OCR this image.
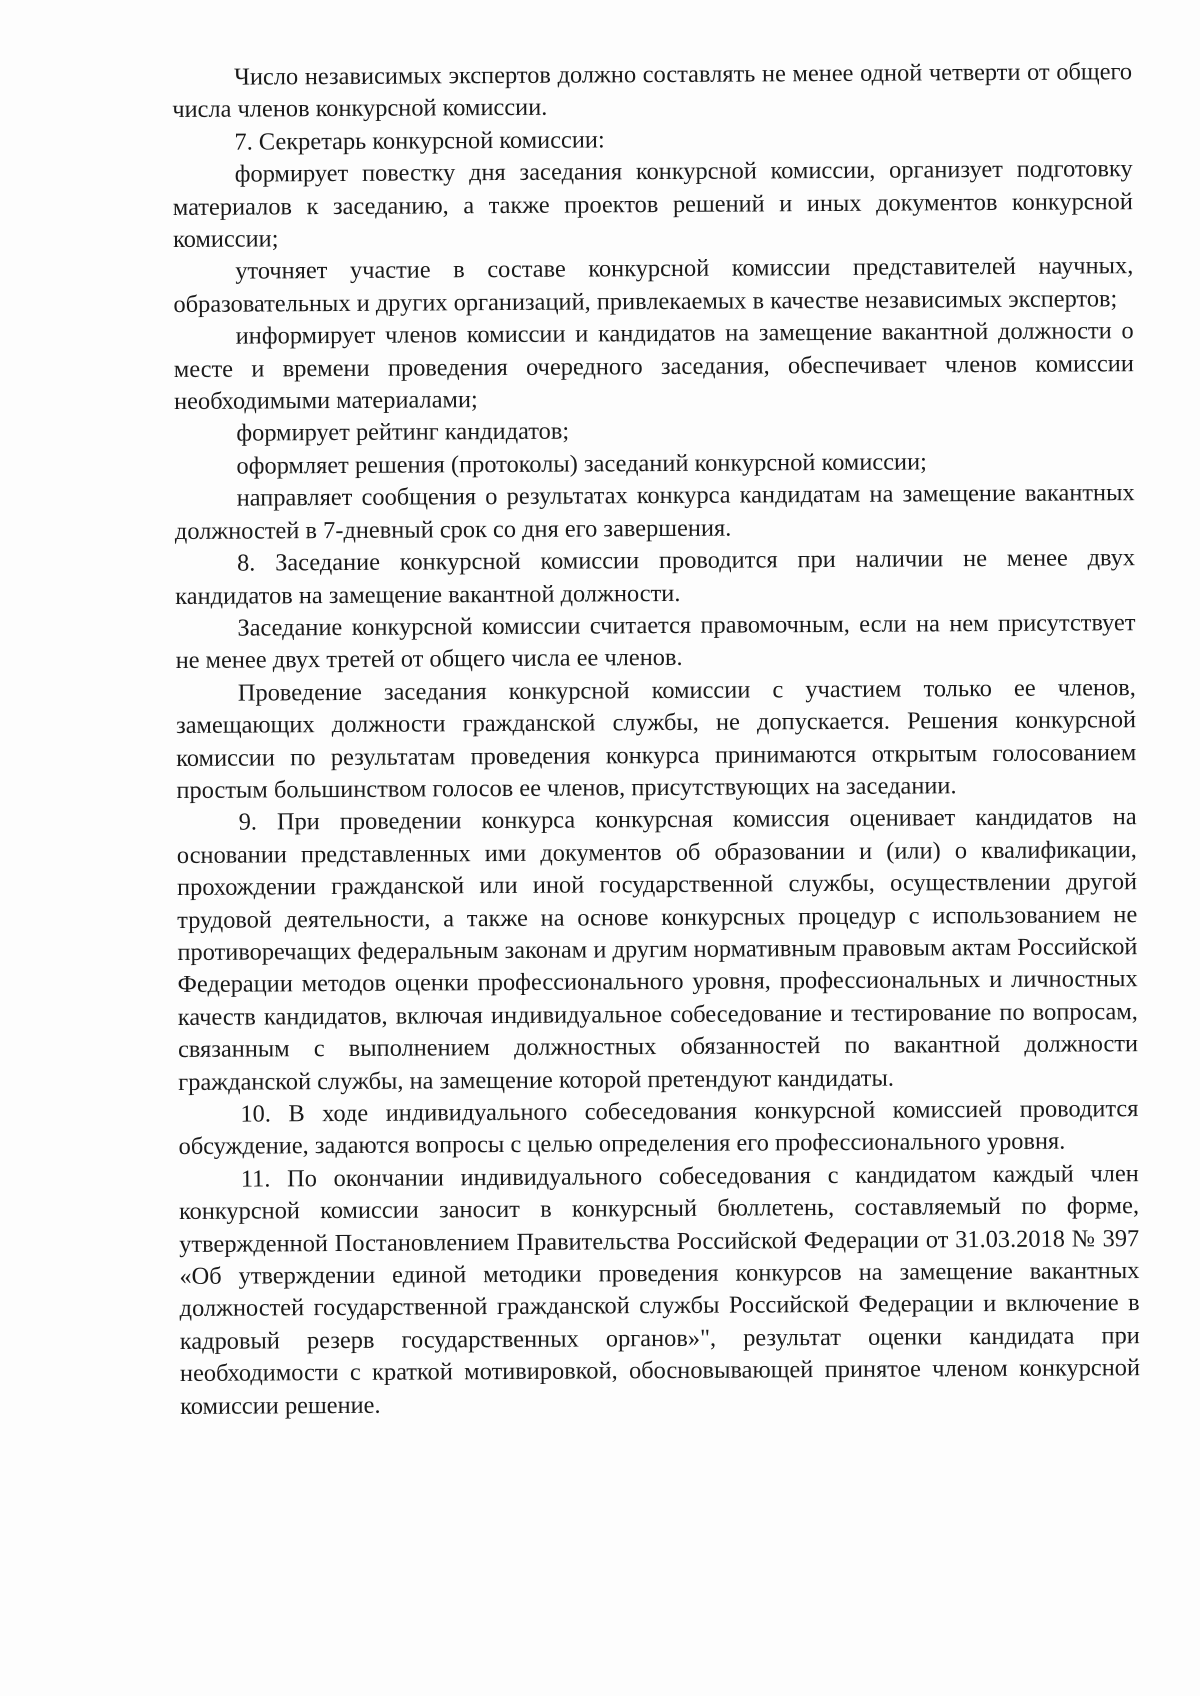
Число независимых экспертов должно составлять не менее одной четверти от общего числа членов конкурсной комиссии.

7. Секретарь конкурсной комиссии:

формирует повестку дня заседания конкурсной комиссии, организует подготовку материалов к заседанию, а также проектов решений и иных документов конкурсной комиссии;

уточняет участие в составе конкурсной комиссии представителей научных, образовательных и других организаций, привлекаемых в качестве независимых экспертов;

информирует членов комиссии и кандидатов на замещение вакантной должности о месте и времени проведения очередного заседания, обеспечивает членов комиссии необходимыми материалами;

формирует рейтинг кандидатов;

оформляет решения (протоколы) заседаний конкурсной комиссии;

направляет сообщения о результатах конкурса кандидатам на замещение вакантных должностей в 7-дневный срок со дня его завершения.

8. Заседание конкурсной комиссии проводится при наличии не менее двух кандидатов на замещение вакантной должности.

Заседание конкурсной комиссии считается правомочным, если на нем присутствует не менее двух третей от общего числа ее членов.

Проведение заседания конкурсной комиссии с участием только ее членов, замещающих должности гражданской службы, не допускается. Решения конкурсной комиссии по результатам проведения конкурса принимаются открытым голосованием простым большинством голосов ее членов, присутствующих на заседании.

9. При проведении конкурса конкурсная комиссия оценивает кандидатов на основании представленных ими документов об образовании и (или) о квалификации, прохождении гражданской или иной государственной службы, осуществлении другой трудовой деятельности, а также на основе конкурсных процедур с использованием не противоречащих федеральным законам и другим нормативным правовым актам Российской Федерации методов оценки профессионального уровня, профессиональных и личностных качеств кандидатов, включая индивидуальное собеседование и тестирование по вопросам, связанным с выполнением должностных обязанностей по вакантной должности гражданской службы, на замещение которой претендуют кандидаты.

10. В ходе индивидуального собеседования конкурсной комиссией проводится обсуждение, задаются вопросы с целью определения его профессионального уровня.

11. По окончании индивидуального собеседования с кандидатом каждый член конкурсной комиссии заносит в конкурсный бюллетень, составляемый по форме, утвержденной Постановлением Правительства Российской Федерации от 31.03.2018 № 397 «Об утверждении единой методики проведения конкурсов на замещение вакантных должностей государственной гражданской службы Российской Федерации и включение в кадровый резерв государственных органов»", результат оценки кандидата при необходимости с краткой мотивировкой, обосновывающей принятое членом конкурсной комиссии решение.
